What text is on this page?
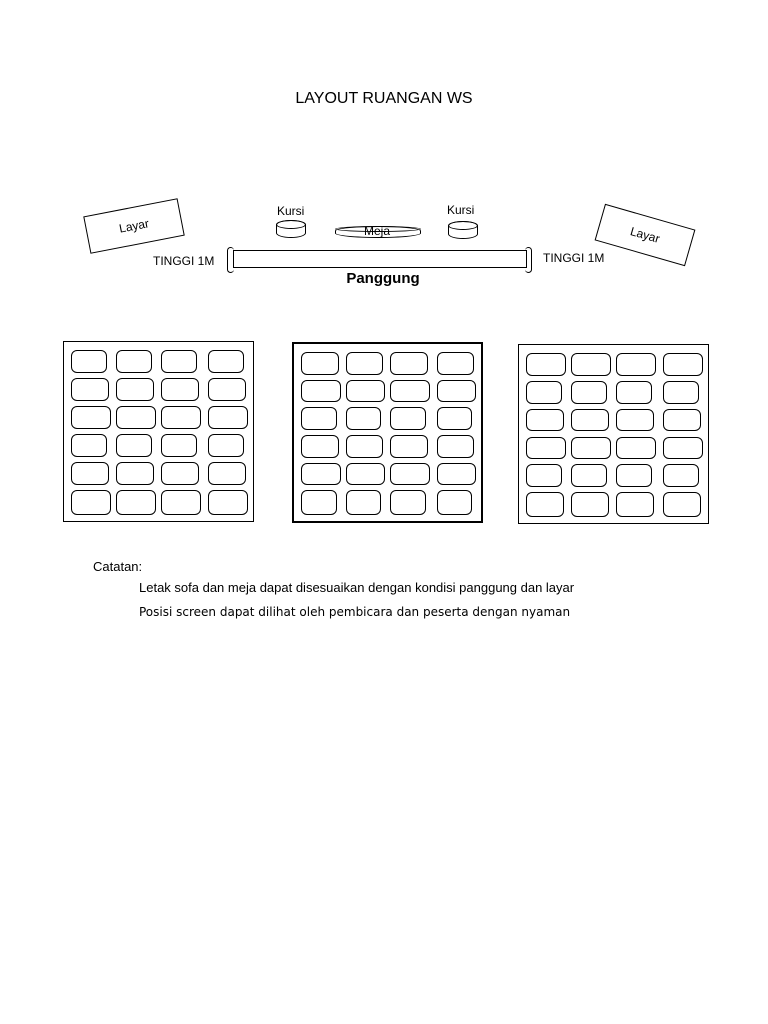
LAYOUT RUANGAN WS
Layar	Layar
Kursi	Kursi
Meja
TINGGI 1M	TINGGI 1M
Panggung
Catatan:
Letak sofa dan meja dapat disesuaikan dengan kondisi panggung dan layar
Posisi screen dapat dilihat oleh pembicara dan peserta dengan nyaman
